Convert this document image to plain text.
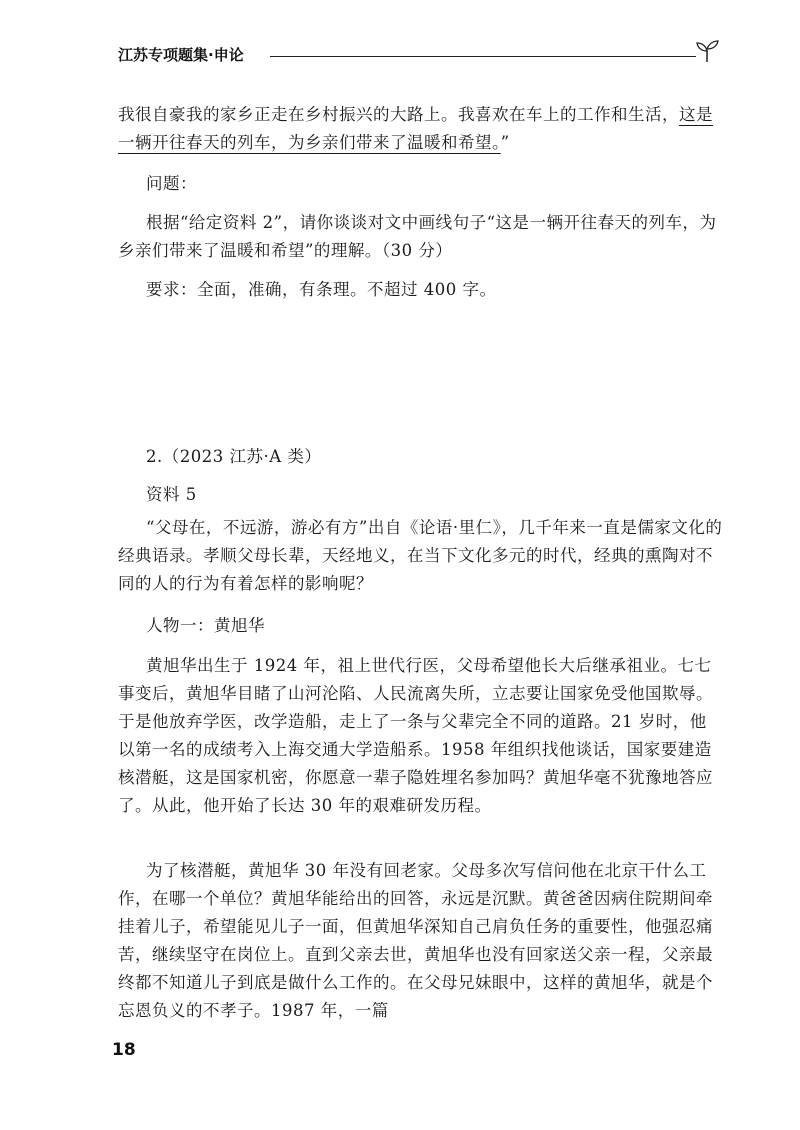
江苏专项题集·申论

我很自豪我的家乡正走在乡村振兴的大路上。我喜欢在车上的工作和生活，这是一辆开往春天的列车，为乡亲们带来了温暖和希望。”

问题：

根据“给定资料 2”，请你谈谈对文中画线句子“这是一辆开往春天的列车，为乡亲们带来了温暖和希望”的理解。（30 分）

要求：全面，准确，有条理。不超过 400 字。

2.（2023 江苏·A 类）

资料 5

“父母在，不远游，游必有方”出自《论语·里仁》，几千年来一直是儒家文化的经典语录。孝顺父母长辈，天经地义，在当下文化多元的时代，经典的熏陶对不同的人的行为有着怎样的影响呢？

人物一：黄旭华

黄旭华出生于 1924 年，祖上世代行医，父母希望他长大后继承祖业。七七事变后，黄旭华目睹了山河沦陷、人民流离失所，立志要让国家免受他国欺辱。于是他放弃学医，改学造船，走上了一条与父辈完全不同的道路。21 岁时，他以第一名的成绩考入上海交通大学造船系。1958 年组织找他谈话，国家要建造核潜艇，这是国家机密，你愿意一辈子隐姓埋名参加吗？黄旭华毫不犹豫地答应了。从此，他开始了长达 30 年的艰难研发历程。

为了核潜艇，黄旭华 30 年没有回老家。父母多次写信问他在北京干什么工作，在哪一个单位？黄旭华能给出的回答，永远是沉默。黄爸爸因病住院期间牵挂着儿子，希望能见儿子一面，但黄旭华深知自己肩负任务的重要性，他强忍痛苦，继续坚守在岗位上。直到父亲去世，黄旭华也没有回家送父亲一程，父亲最终都不知道儿子到底是做什么工作的。在父母兄妹眼中，这样的黄旭华，就是个忘恩负义的不孝子。1987 年，一篇

18
